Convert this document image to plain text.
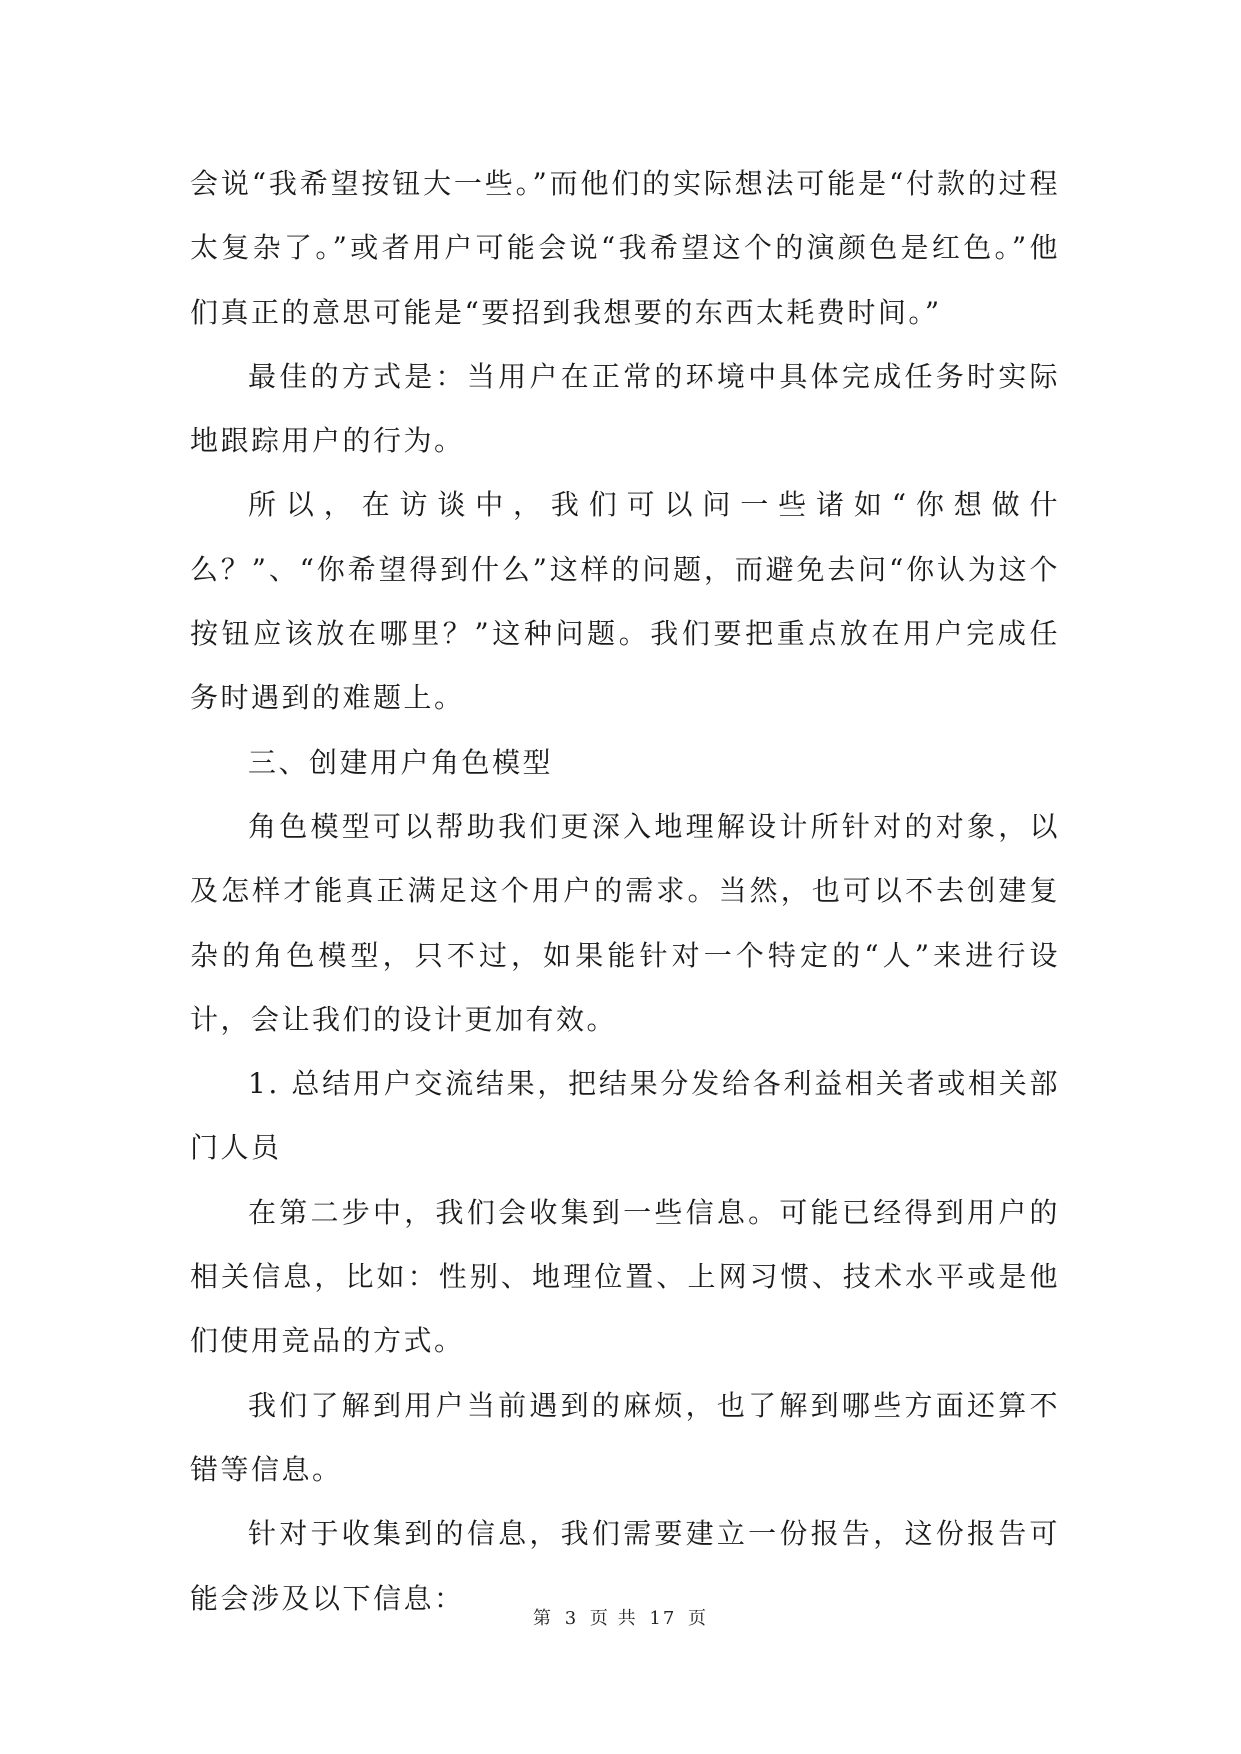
会说“我希望按钮大一些。”而他们的实际想法可能是“付款的过程太复杂了。”或者用户可能会说“我希望这个的演颜色是红色。”他们真正的意思可能是“要招到我想要的东西太耗费时间。”

最佳的方式是：当用户在正常的环境中具体完成任务时实际地跟踪用户的行为。

所以，在访谈中，我们可以问一些诸如“你想做什么？”、“你希望得到什么”这样的问题，而避免去问“你认为这个按钮应该放在哪里？”这种问题。我们要把重点放在用户完成任务时遇到的难题上。

三、创建用户角色模型

角色模型可以帮助我们更深入地理解设计所针对的对象，以及怎样才能真正满足这个用户的需求。当然，也可以不去创建复杂的角色模型，只不过，如果能针对一个特定的“人”来进行设计，会让我们的设计更加有效。

1. 总结用户交流结果，把结果分发给各利益相关者或相关部门人员

在第二步中，我们会收集到一些信息。可能已经得到用户的相关信息，比如：性别、地理位置、上网习惯、技术水平或是他们使用竞品的方式。

我们了解到用户当前遇到的麻烦，也了解到哪些方面还算不错等信息。

针对于收集到的信息，我们需要建立一份报告，这份报告可能会涉及以下信息：

第 3 页 共 17 页
